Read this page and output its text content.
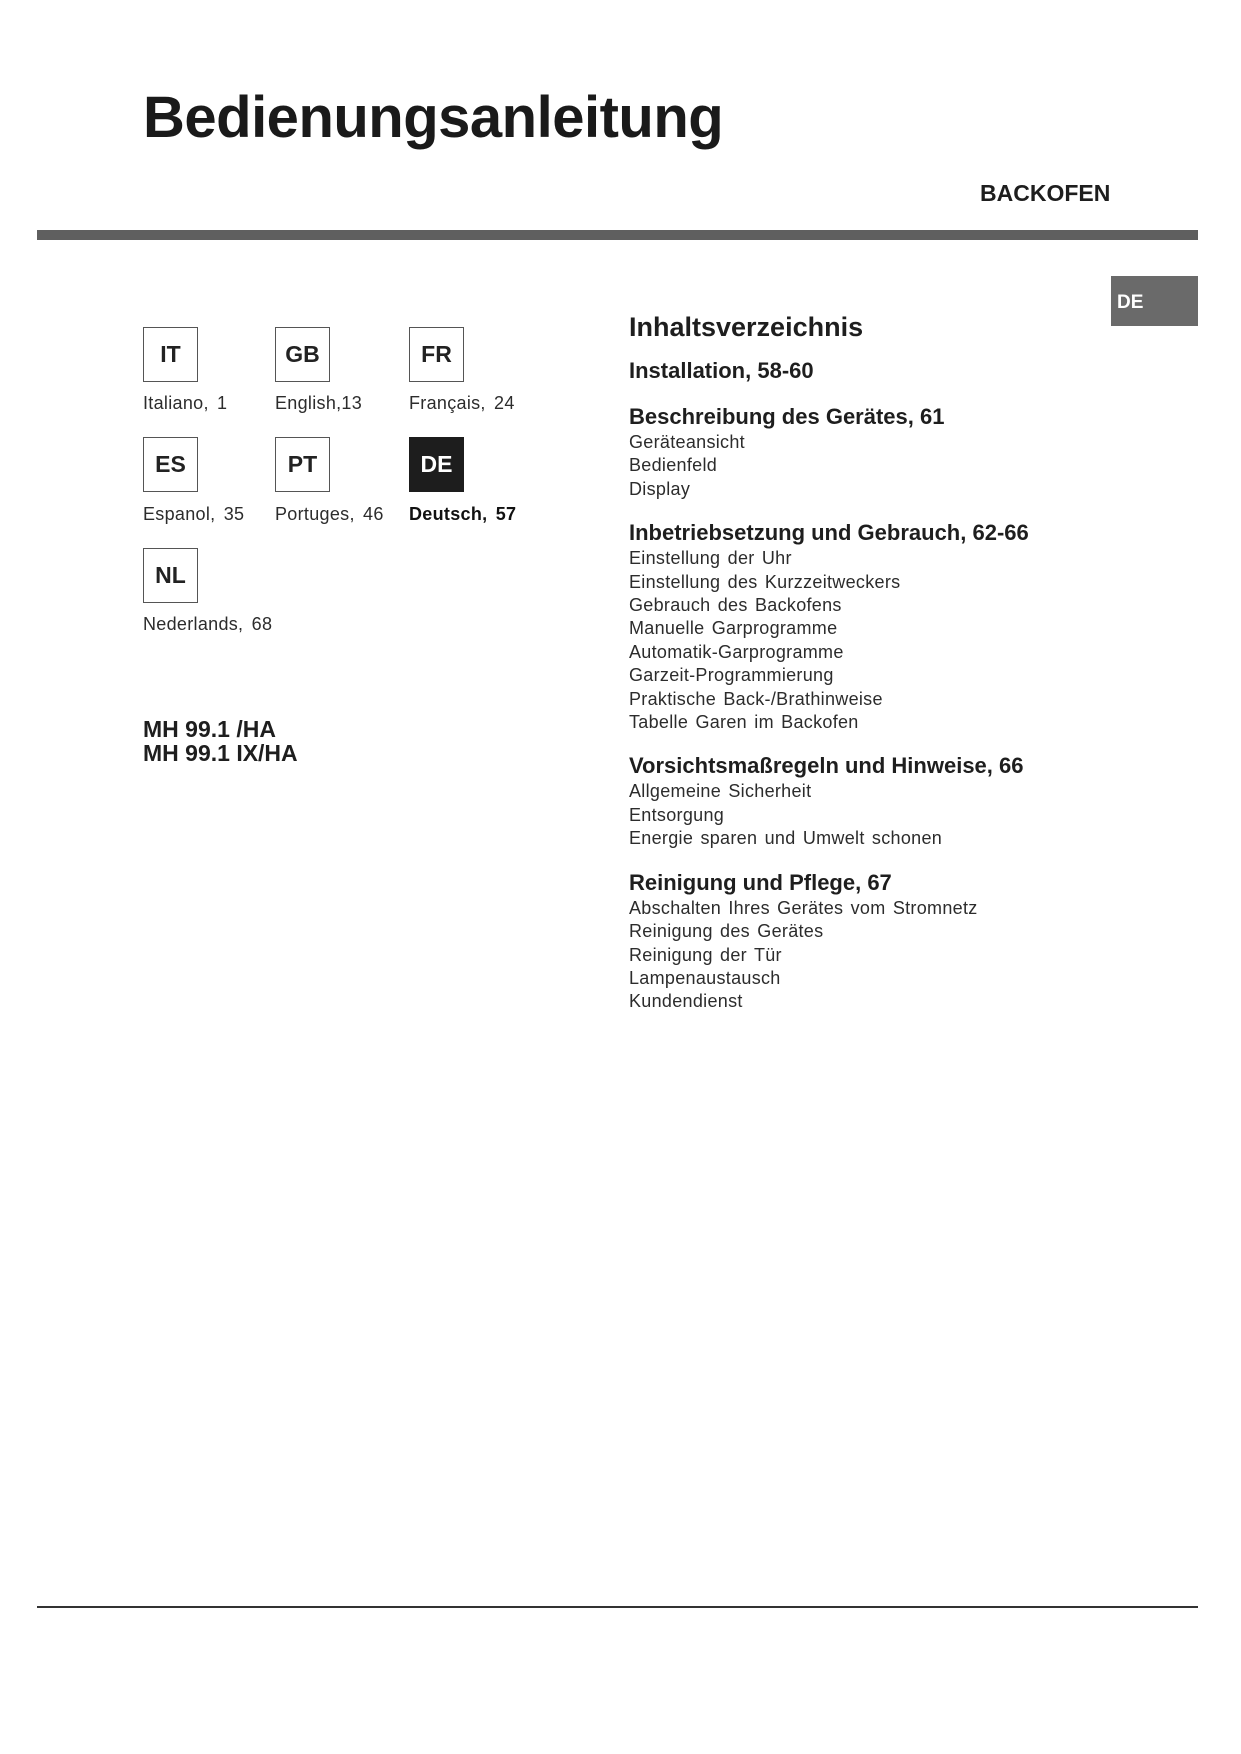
Bedienungsanleitung
BACKOFEN
DE
IT	GB	FR
Italiano, 1	English,13	Français, 24
ES	PT	DE
Espanol, 35 Portuges, 46 Deutsch, 57
NL
Nederlands, 68
MH 99.1 /HA
MH 99.1 IX/HA
Inhaltsverzeichnis
Installation, 58-60
Beschreibung des Gerätes, 61
Geräteansicht
Bedienfeld
Display
Inbetriebsetzung und Gebrauch, 62-66
Einstellung der Uhr
Einstellung des Kurzzeitweckers
Gebrauch des Backofens
Manuelle Garprogramme
Automatik-Garprogramme
Garzeit-Programmierung
Praktische Back-/Brathinweise
Tabelle Garen im Backofen
Vorsichtsmaßregeln und Hinweise, 66
Allgemeine Sicherheit
Entsorgung
Energie sparen und Umwelt schonen
Reinigung und Pflege, 67
Abschalten Ihres Gerätes vom Stromnetz
Reinigung des Gerätes
Reinigung der Tür
Lampenaustausch
Kundendienst
